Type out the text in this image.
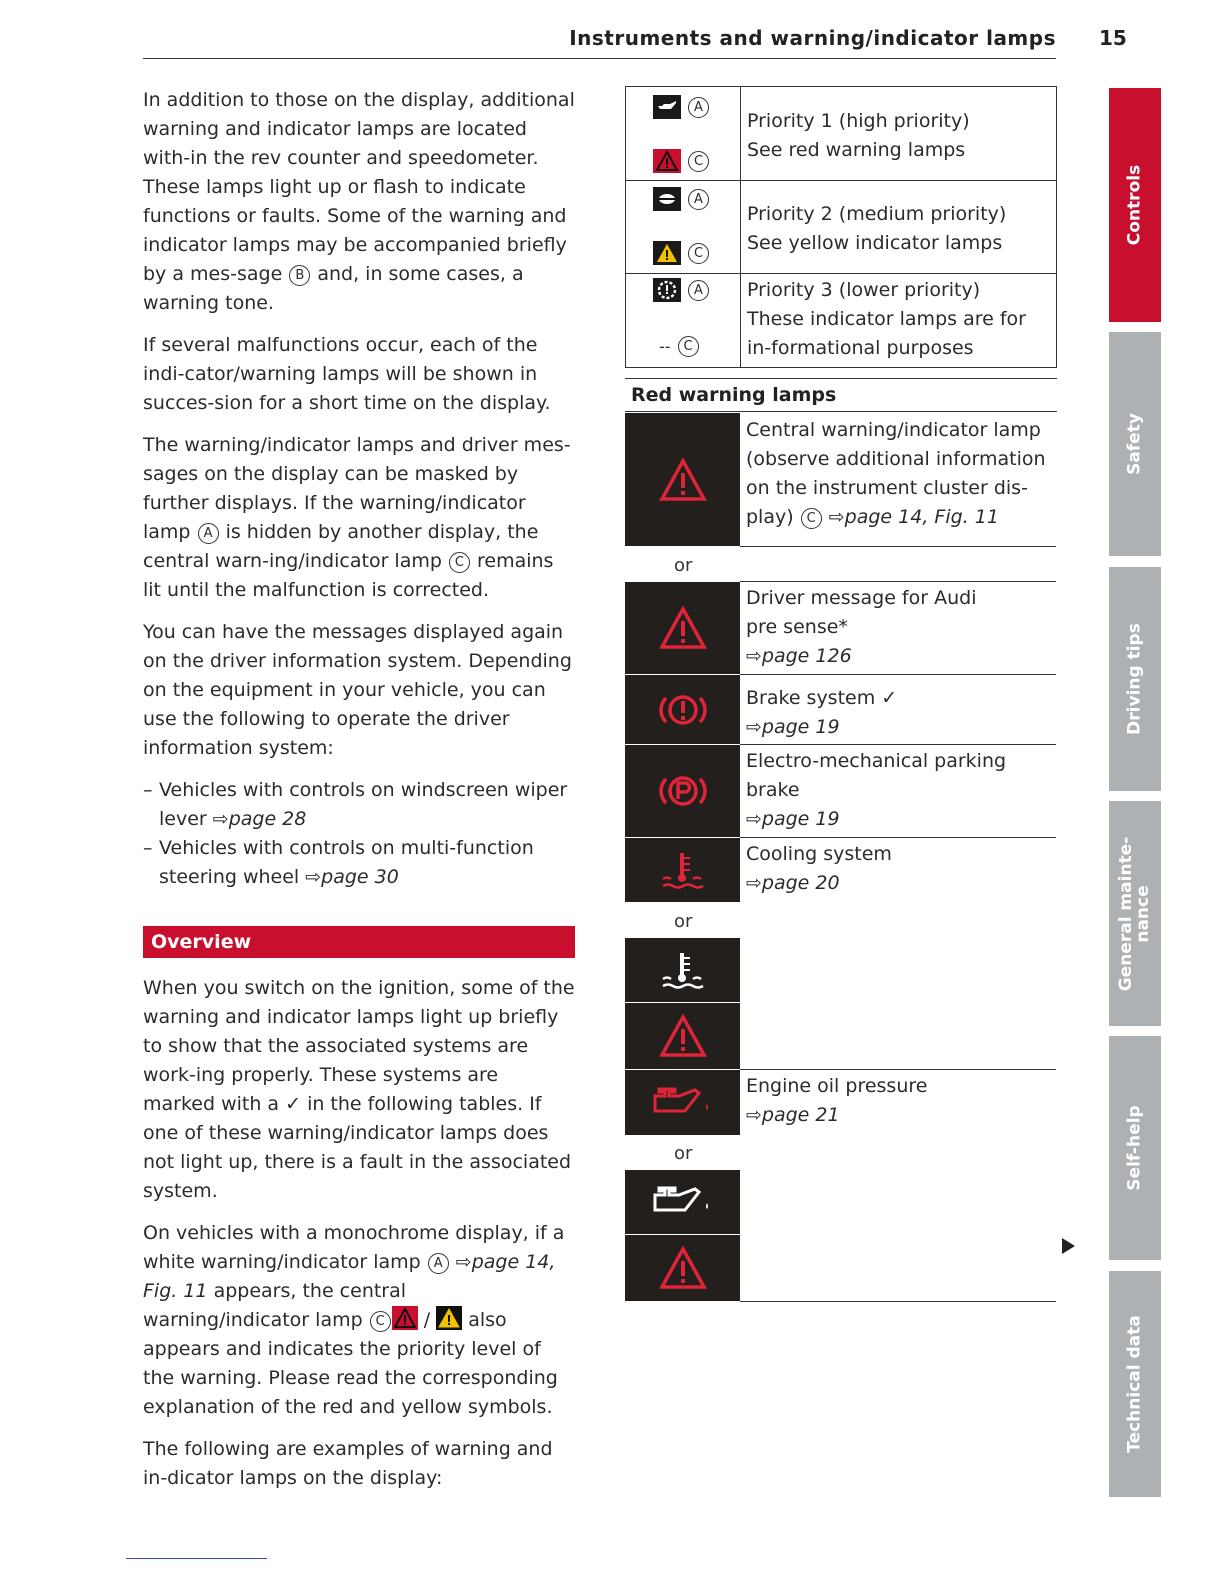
Instruments and warning/indicator lamps 15

In addition to those on the display, additional warning and indicator lamps are located with-in the rev counter and speedometer. These lamps light up or flash to indicate functions or faults. Some of the warning and indicator lamps may be accompanied briefly by a mes-sage B and, in some cases, a warning tone.

If several malfunctions occur, each of the indi-cator/warning lamps will be shown in succes-sion for a short time on the display.

The warning/indicator lamps and driver mes-sages on the display can be masked by further displays. If the warning/indicator lamp A is hidden by another display, the central warn-ing/indicator lamp C remains lit until the malfunction is corrected.

You can have the messages displayed again on the driver information system. Depending on the equipment in your vehicle, you can use the following to operate the driver information system:

– Vehicles with controls on windscreen wiper lever ⇨page 28
– Vehicles with controls on multi-function steering wheel ⇨page 30
Overview

When you switch on the ignition, some of the warning and indicator lamps light up briefly to show that the associated systems are work-ing properly. These systems are marked with a ✓ in the following tables. If one of these warning/indicator lamps does not light up, there is a fault in the associated system.

On vehicles with a monochrome display, if a white warning/indicator lamp A ⇨page 14, Fig. 11 appears, the central warning/indicator lamp C
/
also appears and indicates the priority level of the warning. Please read the corresponding explanation of the red and yellow symbols.

The following are examples of warning and in-dicator lamps on the display:

A
C
Priority 1 (high priority)
See red warning lamps
A
C
Priority 2 (medium priority)
See yellow indicator lamps
A
-- C
Priority 3 (lower priority)
These indicator lamps are for in-formational purposes
Red warning lamps
Central warning/indicator lamp (observe additional information on the instrument cluster dis-play) C ⇨page 14, Fig. 11
or
Driver message for Audi
pre sense*
⇨page 126
Brake system ✓
⇨page 19
Electro-mechanical parking
brake
⇨page 19
Cooling system
⇨page 20
or
Engine oil pressure
⇨page 21
or
Controls
Safety
Driving tips
General mainte-nance
Self-help
Technical data
